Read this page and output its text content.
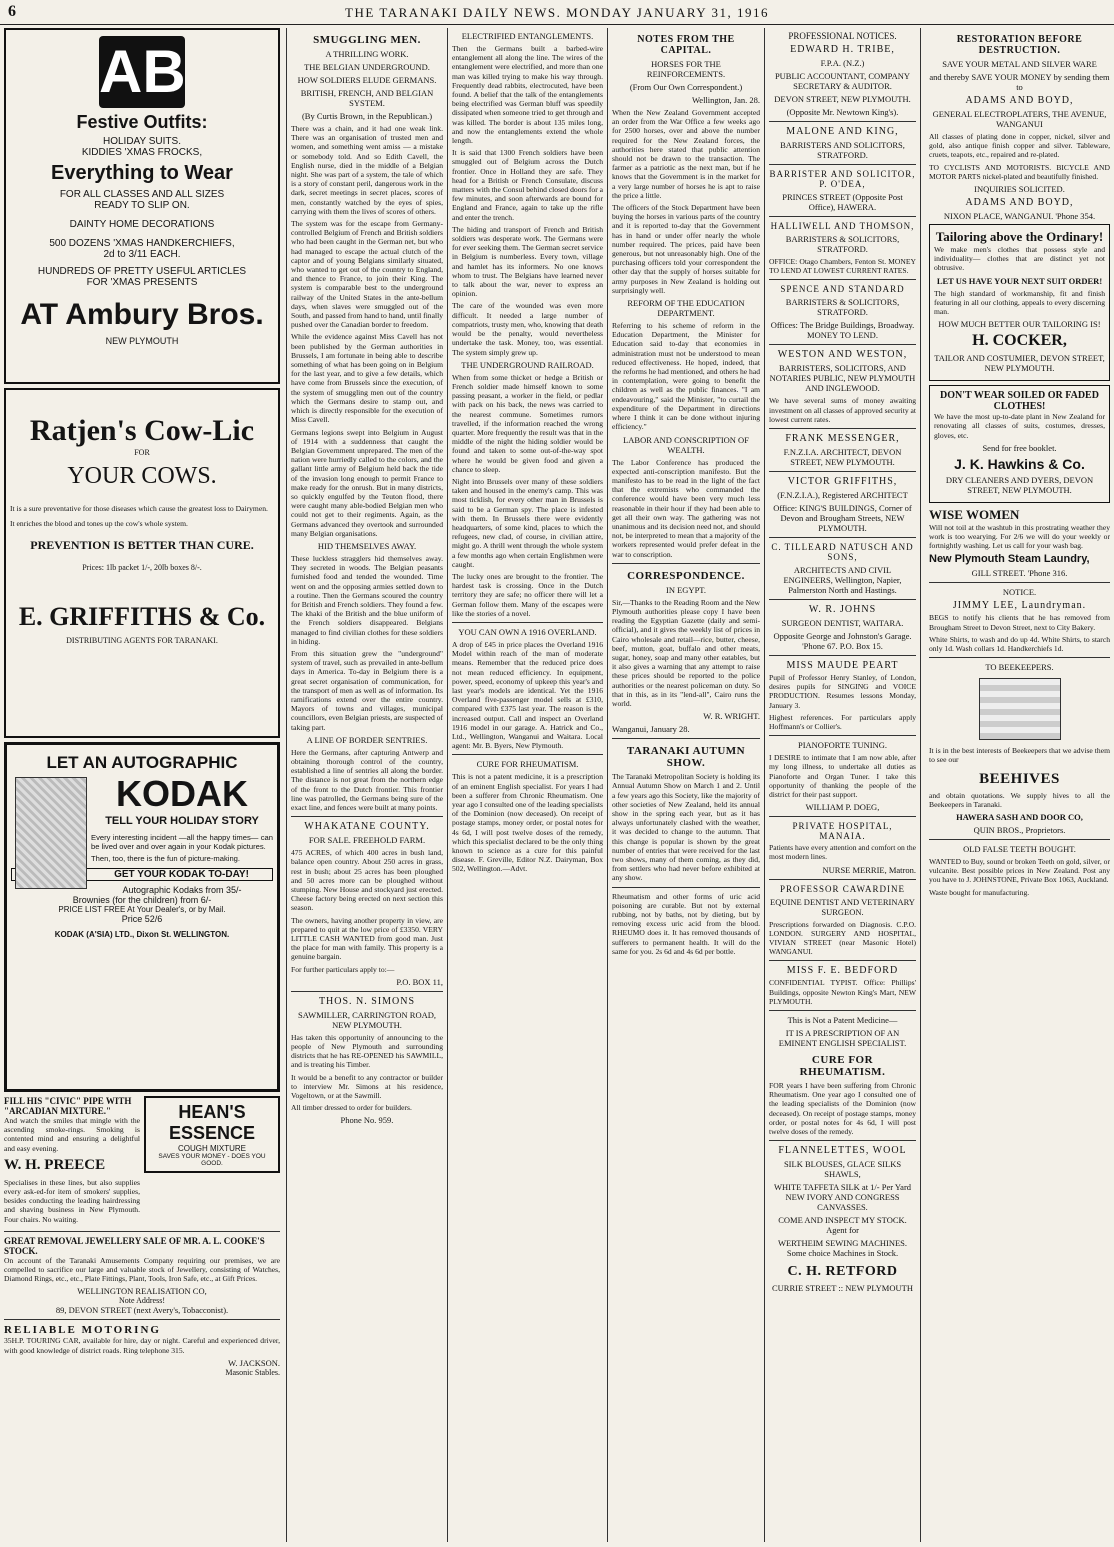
6	THE TARANAKI DAILY NEWS. MONDAY JANUARY 31, 1916
AB
Festive Outfits:
HOLIDAY SUITS.
KIDDIES 'XMAS FROCKS,
Everything to Wear
FOR ALL CLASSES AND ALL SIZES
READY TO SLIP ON.
DAINTY HOME DECORATIONS
500 DOZENS 'XMAS HANDKERCHIEFS,
2d to 3/11 EACH.
HUNDREDS OF PRETTY USEFUL ARTICLES
FOR 'XMAS PRESENTS
AT Ambury Bros.
NEW PLYMOUTH
Ratjen's Cow-Lic
FOR
YOUR COWS.
It is a sure preventative for those diseases which cause the greatest loss to Dairymen.
It enriches the blood and tones up the cow's whole system.
PREVENTION IS BETTER THAN CURE.
Prices: 1lb packet 1/-, 20lb boxes 8/-.
E. GRIFFITHS & Co.
DISTRIBUTING AGENTS FOR TARANAKI.
LET AN AUTOGRAPHIC
KODAK
TELL YOUR HOLIDAY STORY
Every interesting incident —all the happy times— can be lived over and over again in your Kodak pictures.
Then, too, there is the fun of picture-making.
GET YOUR KODAK TO-DAY!
Autographic Kodaks from 35/-
Brownies (for the children) from 6/-
PRICE LIST FREE At Your Dealer's, or by Mail.
Price 52/6
KODAK (A'SIA) LTD., Dixon St. WELLINGTON.
FILL HIS "CIVIC" PIPE WITH "ARCADIAN MIXTURE."
And watch the smiles that mingle with the ascending smoke-rings. Smoking is contented mind and ensuring a delightful and easy evening.
W. H. PREECE
Specialises in these lines, but also supplies every ask-ed-for item of smokers' supplies, besides conducting the leading hairdressing and shaving business in New Plymouth. Four chairs. No waiting.
HEAN'S ESSENCE
COUGH MIXTURE
SAVES YOUR MONEY - DOES YOU GOOD.
GREAT REMOVAL JEWELLERY SALE OF MR. A. L. COOKE'S STOCK.
On account of the Taranaki Amusements Company requiring our premises, we are compelled to sacrifice our large and valuable stock of Jewellery, consisting of Watches, Diamond Rings, etc., etc., Plate Fittings, Plant, Tools, Iron Safe, etc., at Gift Prices.
WELLINGTON REALISATION CO,
Note Address!
89, DEVON STREET (next Avery's, Tobacconist).
RELIABLE MOTORING
35H.P. TOURING CAR, available for hire, day or night. Careful and experienced driver, with good knowledge of district roads. Ring telephone 315.
W. JACKSON.
Masonic Stables.
SMUGGLING MEN.
A THRILLING WORK.
THE BELGIAN UNDERGROUND.
HOW SOLDIERS ELUDE GERMANS.
BRITISH, FRENCH, AND BELGIAN SYSTEM.
(By Curtis Brown, in the Republican.)

There was a chain, and it had one weak link. There was an organisation of trusted men and women, and something went amiss — a mistake or somebody told. And so Edith Cavell, the English nurse, died in the middle of a Belgian night. She was part of a system, the tale of which is a story of constant peril, dangerous work in the dark, secret meetings in secret places, scores of men, constantly watched by the eyes of spies, carrying with them the lives of scores of others.

The system was for the escape from Germany-controlled Belgium of French and British soldiers who had been caught in the German net, but who had managed to escape the actual clutch of the captor and of young Belgians similarly situated, who wanted to get out of the country to England, and thence to France, to join their King. The system is comparable best to the underground railway of the United States in the ante-bellum days, when slaves were smuggled out of the South, and passed from hand to hand, until finally pushed over the Canadian border to freedom.

While the evidence against Miss Cavell has not been published by the German authorities in Brussels, I am fortunate in being able to describe something of what has been going on in Belgium for the last year, and to give a few details, which have come from Brussels since the execution, of the system of smuggling men out of the country which the Germans desire to stamp out, and which is directly responsible for the execution of Miss Cavell.

Germans legions swept into Belgium in August of 1914 with a suddenness that caught the Belgian Government unprepared. The men of the nation were hurriedly called to the colors, and the gallant little army of Belgium held back the tide of the invasion long enough to permit France to make ready for the onrush. But in many districts, so quickly engulfed by the Teuton flood, there were caught many able-bodied Belgian men who could not get to their regiments. Again, as the Germans advanced they overtook and surrounded many Belgian organisations.

HID THEMSELVES AWAY.

These luckless stragglers hid themselves away. They secreted in woods. The Belgian peasants furnished food and tended the wounded. Time went on and the opposing armies settled down to a routine. Then the Germans scoured the country for British and French soldiers. They found a few. The khaki of the British and the blue uniform of the French soldiers disappeared. Belgians managed to find civilian clothes for these soldiers in hiding.

From this situation grew the "underground" system of travel, such as prevailed in ante-bellum days in America. To-day in Belgium there is a great secret organisation of communication, for the transport of men as well as of information. Its ramifications extend over the entire country. Mayors of towns and villages, municipal councillors, even Belgian priests, are suspected of taking part.

A LINE OF BORDER SENTRIES.

Here the Germans, after capturing Antwerp and obtaining thorough control of the country, established a line of sentries all along the border. The distance is not great from the northern edge of the front to the Dutch frontier. This frontier line was patrolled, the Germans being sure of the exact line, and fences were built at many points.

WHAKATANE COUNTY.
FOR SALE. FREEHOLD FARM.

475 ACRES, of which 400 acres in bush land, balance open country. About 250 acres in grass, rest in bush; about 25 acres has been ploughed and 50 acres more can be ploughed without stumping. New House and stockyard just erected. Cheese factory being erected on next section this season.

The owners, having another property in view, are prepared to quit at the low price of £3350. VERY LITTLE CASH WANTED from good man. Just the place for man with family. This property is a genuine bargain.

For further particulars apply to:—

P.O. BOX 11,
THOS. N. SIMONS
SAWMILLER, CARRINGTON ROAD, NEW PLYMOUTH.

Has taken this opportunity of announcing to the people of New Plymouth and surrounding districts that he has RE-OPENED his SAWMILL, and is treating his Timber.

It would be a benefit to any contractor or builder to interview Mr. Simons at his residence, Vogeltown, or at the Sawmill.

All timber dressed to order for builders.

Phone No. 959.
ELECTRIFIED ENTANGLEMENTS.

Then the Germans built a barbed-wire entanglement all along the line. The wires of the entanglement were electrified, and more than one man was killed trying to make his way through. Frequently dead rabbits, electrocuted, have been found. A belief that the talk of the entanglements being electrified was German bluff was speedily dissipated when someone tried to get through and was killed. The border is about 135 miles long, and now the entanglements extend the whole length.

It is said that 1300 French soldiers have been smuggled out of Belgium across the Dutch frontier. Once in Holland they are safe. They head for a British or French Consulate, discuss matters with the Consul behind closed doors for a few minutes, and soon afterwards are bound for England and France, again to take up the rifle and enter the trench.

The hiding and transport of French and British soldiers was desperate work. The Germans were for ever seeking them. The German secret service in Belgium is numberless. Every town, village and hamlet has its informers. No one knows whom to trust. The Belgians have learned never to talk about the war, never to express an opinion.

The care of the wounded was even more difficult. It needed a large number of compatriots, trusty men, who, knowing that death would be the penalty, would nevertheless undertake the task. Money, too, was essential. The system simply grew up.

THE UNDERGROUND RAILROAD.

When from some thicket or hedge a British or French soldier made himself known to some passing peasant, a worker in the field, or pedlar with pack on his back, the news was carried to the nearest commune. Sometimes rumors travelled, if the information reached the wrong quarter. More frequently the result was that in the middle of the night the hiding soldier would be found and taken to some out-of-the-way spot where he would be given food and given a chance to sleep.

Night into Brussels over many of these soldiers taken and housed in the enemy's camp. This was most ticklish, for every other man in Brussels is said to be a German spy. The place is infested with them. In Brussels there were evidently headquarters, of some kind, places to which the refugees, new clad, of course, in civilian attire, might go. A thrill went through the whole system a few months ago when certain Englishmen were caught.

The lucky ones are brought to the frontier. The hardest task is crossing. Once in the Dutch territory they are safe; no officer there will let a German follow them. Many of the escapes were like the stories of a novel.

YOU CAN OWN A 1916 OVERLAND.

A drop of £45 in price places the Overland 1916 Model within reach of the man of moderate means. Remember that the reduced price does not mean reduced efficiency. In equipment, power, speed, economy of upkeep this year's and last year's models are identical. Yet the 1916 Overland five-passenger model sells at £310, compared with £375 last year. The reason is the increased output. Call and inspect an Overland 1916 model in our garage. A. Hatrick and Co., Ltd., Wellington, Wanganui and Waitara. Local agent: Mr. B. Byers, New Plymouth.

CURE FOR RHEUMATISM.

This is not a patent medicine, it is a prescription of an eminent English specialist. For years I had been a sufferer from Chronic Rheumatism. One year ago I consulted one of the leading specialists of the Dominion (now deceased). On receipt of postage stamps, money order, or postal notes for 4s 6d, I will post twelve doses of the remedy, which this specialist declared to be the only thing known to science as a cure for this painful disease. F. Greville, Editor N.Z. Dairyman, Box 502, Wellington.—Advt.

NOTES FROM THE CAPITAL.
HORSES FOR THE REINFORCEMENTS.
(From Our Own Correspondent.)
Wellington, Jan. 28.

When the New Zealand Government accepted an order from the War Office a few weeks ago for 2500 horses, over and above the number required for the New Zealand forces, the authorities here stated that public attention should not be drawn to the transaction. The farmer as a patriotic as the next man, but if he knows that the Government is in the market for a very large number of horses he is apt to raise the price a little.

The officers of the Stock Department have been buying the horses in various parts of the country and it is reported to-day that the Government has in hand or under offer nearly the whole number required. The prices, paid have been generous, but not unreasonably high. One of the purchasing officers told your correspondent the other day that the supply of horses suitable for army purposes in New Zealand is holding out surprisingly well.

REFORM OF THE EDUCATION DEPARTMENT.

Referring to his scheme of reform in the Education Department, the Minister for Education said to-day that economies in administration must not be understood to mean reduced effectiveness. He hoped, indeed, that the reforms he had mentioned, and others he had in contemplation, were going to benefit the children as well as the public finances. "I am endeavouring," said the Minister, "to curtail the expenditure of the Department in directions where I think it can be done without injuring efficiency."

LABOR AND CONSCRIPTION OF WEALTH.

The Labor Conference has produced the expected anti-conscription manifesto. But the manifesto has to be read in the light of the fact that the extremists who commanded the conference would have been very much less reasonable in their hour if they had been able to get all their own way. The gathering was not unanimous and its decision need not, and should not, be interpreted to mean that a majority of the workers represented would prefer defeat in the war to conscription.

CORRESPONDENCE.
IN EGYPT.

Sir,—Thanks to the Reading Room and the New Plymouth authorities please copy I have been reading the Egyptian Gazette (daily and semi-official), and it gives the weekly list of prices in Cairo wholesale and retail—rice, butter, cheese, beef, mutton, goat, buffalo and other meats, sugar, honey, soap and many other eatables, but it also gives a warning that any attempt to raise these prices should be reported to the police authorities or the nearest policeman on duty. So that in this, as in its "lend-all", Cairo runs the world.

W. R. WRIGHT.
Wanganui, January 28.
TARANAKI AUTUMN SHOW.

The Taranaki Metropolitan Society is holding its Annual Autumn Show on March 1 and 2. Until a few years ago this Society, like the majority of other societies of New Zealand, held its annual show in the spring each year, but as it has always unfortunately clashed with the weather, it was decided to change to the autumn. That this change is popular is shown by the great number of entries that were received for the last two shows, many of them coming, as they did, from settlers who had never before exhibited at any show.

Rheumatism and other forms of uric acid poisoning are curable. But not by external rubbing, not by baths, not by dieting, but by removing excess uric acid from the blood. RHEUMO does it. It has removed thousands of sufferers to permanent health. It will do the same for you. 2s 6d and 4s 6d per bottle.

PROFESSIONAL NOTICES.
EDWARD H. TRIBE,
F.P.A. (N.Z.)
PUBLIC ACCOUNTANT, COMPANY SECRETARY & AUDITOR.
DEVON STREET, NEW PLYMOUTH.
(Opposite Mr. Newtown King's).
MALONE AND KING,
BARRISTERS AND SOLICITORS, STRATFORD.
BARRISTER AND SOLICITOR, P. O'DEA,
PRINCES STREET (Opposite Post Office), HAWERA.
HALLIWELL AND THOMSON,
BARRISTERS & SOLICITORS, STRATFORD.
OFFICE: Otago Chambers, Fenton St. MONEY TO LEND AT LOWEST CURRENT RATES.
SPENCE AND STANDARD
BARRISTERS & SOLICITORS, STRATFORD.
Offices: The Bridge Buildings, Broadway. MONEY TO LEND.
WESTON AND WESTON,
BARRISTERS, SOLICITORS, AND NOTARIES PUBLIC, NEW PLYMOUTH AND INGLEWOOD.
We have several sums of money awaiting investment on all classes of approved security at lowest current rates.
FRANK MESSENGER,
F.N.Z.I.A. ARCHITECT, DEVON STREET, NEW PLYMOUTH.
VICTOR GRIFFITHS,
(F.N.Z.I.A.), Registered ARCHITECT
Office: KING'S BUILDINGS, Corner of Devon and Brougham Streets, NEW PLYMOUTH.
C. TILLEARD NATUSCH AND SONS,
ARCHITECTS AND CIVIL ENGINEERS, Wellington, Napier, Palmerston North and Hastings.
W. R. JOHNS
SURGEON DENTIST, WAITARA.
Opposite George and Johnston's Garage. 'Phone 67. P.O. Box 15.
MISS MAUDE PEART
Pupil of Professor Henry Stanley, of London, desires pupils for SINGING and VOICE PRODUCTION. Resumes lessons Monday, January 3.
Highest references. For particulars apply Hoffmann's or Collier's.
PIANOFORTE TUNING.
I DESIRE to intimate that I am now able, after my long illness, to undertake all duties as Pianoforte and Organ Tuner. I take this opportunity of thanking the people of the district for their past support.
WILLIAM P. DOEG,
PRIVATE HOSPITAL, MANAIA.
Patients have every attention and comfort on the most modern lines.
NURSE MERRIE, Matron.
PROFESSOR CAWARDINE
EQUINE DENTIST AND VETERINARY SURGEON.
Prescriptions forwarded on Diagnosis. C.P.O. LONDON. SURGERY AND HOSPITAL, VIVIAN STREET (near Masonic Hotel) WANGANUI.
MISS F. E. BEDFORD
CONFIDENTIAL TYPIST. Office: Phillips' Buildings, opposite Newton King's Mart, NEW PLYMOUTH.
This is Not a Patent Medicine—
IT IS A PRESCRIPTION OF AN EMINENT ENGLISH SPECIALIST.
CURE FOR RHEUMATISM.
FOR years I have been suffering from Chronic Rheumatism. One year ago I consulted one of the leading specialists of the Dominion (now deceased). On receipt of postage stamps, money order, or postal notes for 4s 6d, I will post twelve doses of the remedy.
FLANNELETTES, WOOL
SILK BLOUSES, GLACE SILKS SHAWLS,
WHITE TAFFETA SILK at 1/- Per Yard NEW IVORY AND CONGRESS CANVASSES.
COME AND INSPECT MY STOCK. Agent for
WERTHEIM SEWING MACHINES. Some choice Machines in Stock.
C. H. RETFORD
CURRIE STREET :: NEW PLYMOUTH
RESTORATION BEFORE DESTRUCTION.
SAVE YOUR METAL AND SILVER WARE
and thereby SAVE YOUR MONEY by sending them to
ADAMS AND BOYD,
GENERAL ELECTROPLATERS, THE AVENUE, WANGANUI
All classes of plating done in copper, nickel, silver and gold, also antique finish copper and silver. Tableware, cruets, teapots, etc., repaired and re-plated.
TO CYCLISTS AND MOTORISTS. BICYCLE AND MOTOR PARTS nickel-plated and beautifully finished.
INQUIRIES SOLICITED.
ADAMS AND BOYD,
NIXON PLACE, WANGANUI. 'Phone 354.
Tailoring above the Ordinary!
We make men's clothes that possess style and individuality— clothes that are distinct yet not obtrusive.
LET US HAVE YOUR NEXT SUIT ORDER!
The high standard of workmanship, fit and finish featuring in all our clothing, appeals to every discerning man.
HOW MUCH BETTER OUR TAILORING IS!
H. COCKER,
TAILOR AND COSTUMIER, DEVON STREET, NEW PLYMOUTH.
DON'T WEAR SOILED OR FADED CLOTHES!
We have the most up-to-date plant in New Zealand for renovating all classes of suits, costumes, dresses, gloves, etc.
Send for free booklet.
J. K. Hawkins & Co.
DRY CLEANERS AND DYERS, DEVON STREET, NEW PLYMOUTH.
WISE WOMEN
Will not toil at the washtub in this prostrating weather they work is too wearying. For 2/6 we will do your weekly or fortnightly washing. Let us call for your wash bag.
New Plymouth Steam Laundry,
GILL STREET. 'Phone 316.
NOTICE.
JIMMY LEE, Laundryman.
BEGS to notify his clients that he has removed from Brougham Street to Devon Street, next to City Bakery.
White Shirts, to wash and do up 4d. White Shirts, to starch only 1d. Wash collars 1d. Handkerchiefs 1d.
TO BEEKEEPERS.
It is in the best interests of Beekeepers that we advise them to see our
BEEHIVES
and obtain quotations. We supply hives to all the Beekeepers in Taranaki.
HAWERA SASH AND DOOR CO,
QUIN BROS., Proprietors.
OLD FALSE TEETH BOUGHT.
WANTED to Buy, sound or broken Teeth on gold, silver, or vulcanite. Best possible prices in New Zealand. Post any you have to J. JOHNSTONE, Private Box 1063, Auckland.
Waste bought for manufacturing.
